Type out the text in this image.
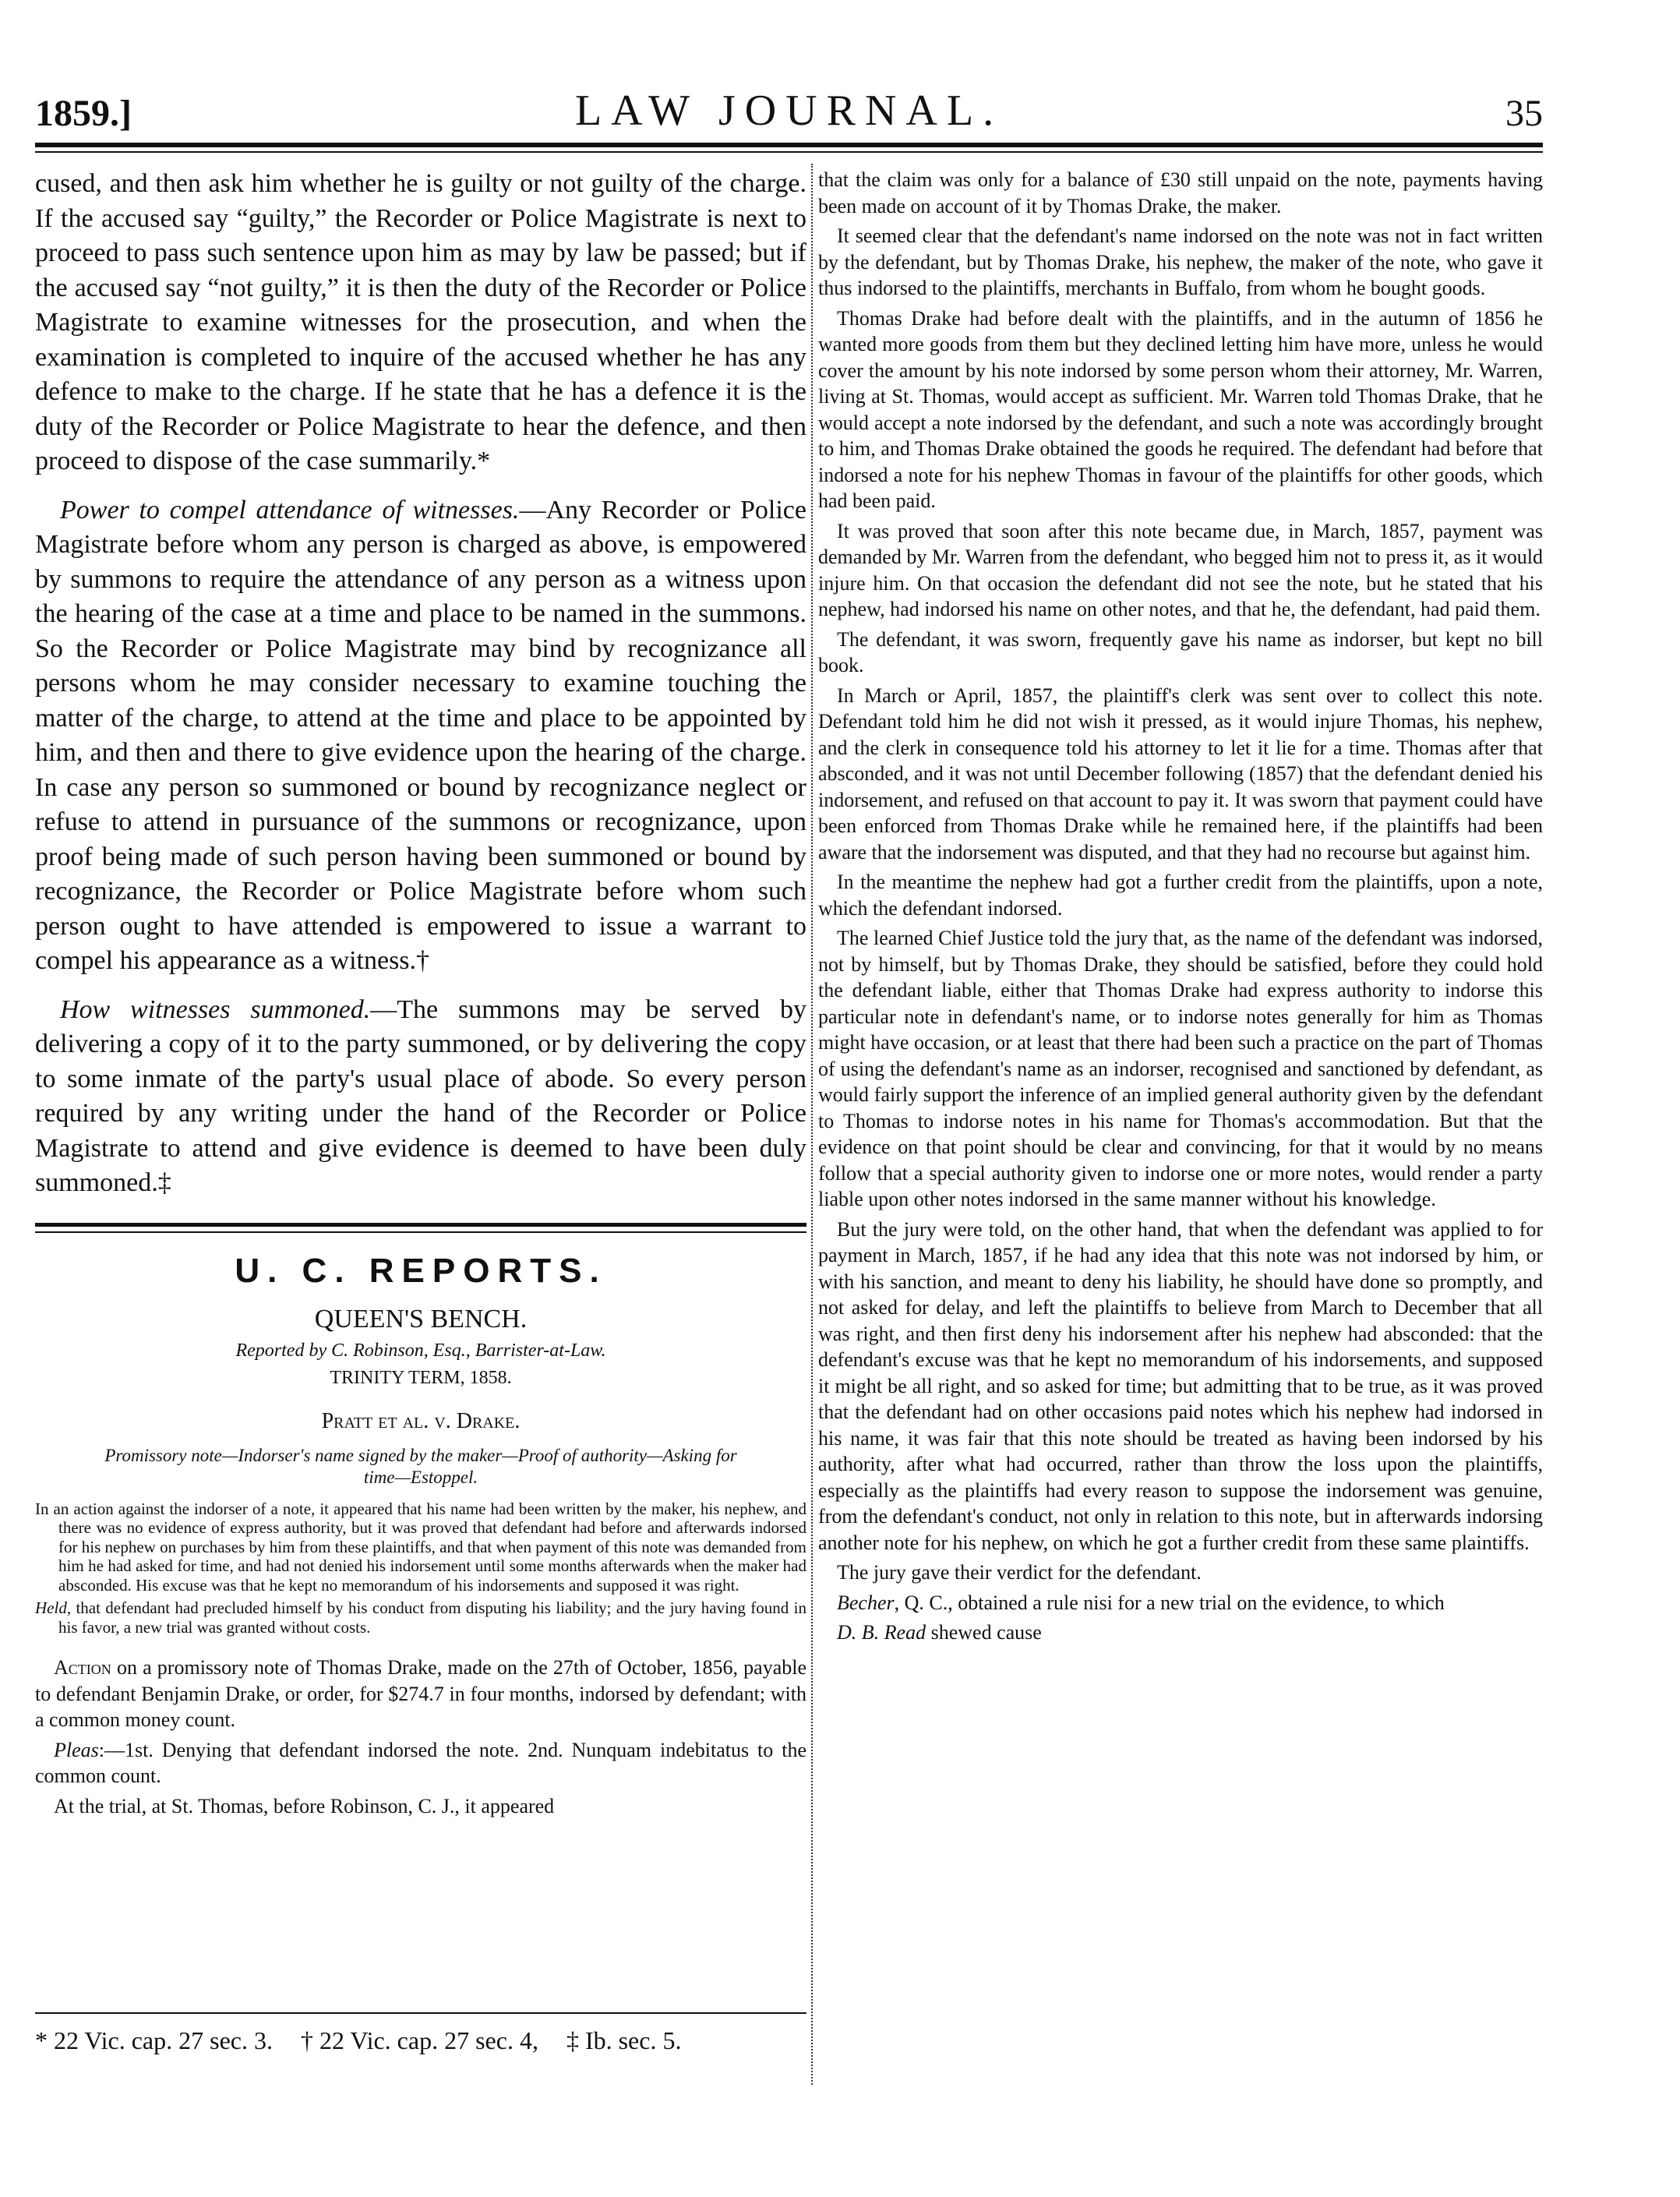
1859.]	LAW JOURNAL.	35

cused, and then ask him whether he is guilty or not guilty of the charge. If the accused say “guilty,” the Recorder or Police Magistrate is next to proceed to pass such sentence upon him as may by law be passed; but if the accused say “not guilty,” it is then the duty of the Recorder or Police Magistrate to examine witnesses for the prosecution, and when the examination is completed to inquire of the accused whether he has any defence to make to the charge. If he state that he has a defence it is the duty of the Recorder or Police Magistrate to hear the defence, and then proceed to dispose of the case summarily.*

Power to compel attendance of witnesses.—Any Recorder or Police Magistrate before whom any person is charged as above, is empowered by summons to require the attendance of any person as a witness upon the hearing of the case at a time and place to be named in the summons. So the Recorder or Police Magistrate may bind by recognizance all persons whom he may consider necessary to examine touching the matter of the charge, to attend at the time and place to be appointed by him, and then and there to give evidence upon the hearing of the charge. In case any person so summoned or bound by recognizance neglect or refuse to attend in pursuance of the summons or recognizance, upon proof being made of such person having been summoned or bound by recognizance, the Recorder or Police Magistrate before whom such person ought to have attended is empowered to issue a warrant to compel his appearance as a witness.†

How witnesses summoned.—The summons may be served by delivering a copy of it to the party summoned, or by delivering the copy to some inmate of the party's usual place of abode. So every person required by any writing under the hand of the Recorder or Police Magistrate to attend and give evidence is deemed to have been duly summoned.‡

U. C. REPORTS.
QUEEN'S BENCH.
Reported by C. Robinson, Esq., Barrister-at-Law.
TRINITY TERM, 1858.
Pratt et al. v. Drake.
Promissory note—Indorser's name signed by the maker—Proof of authority—Asking for time—Estoppel.

In an action against the indorser of a note, it appeared that his name had been written by the maker, his nephew, and there was no evidence of express authority, but it was proved that defendant had before and afterwards indorsed for his nephew on purchases by him from these plaintiffs, and that when payment of this note was demanded from him he had asked for time, and had not denied his indorsement until some months afterwards when the maker had absconded. His excuse was that he kept no memorandum of his indorsements and supposed it was right.

Held, that defendant had precluded himself by his conduct from disputing his liability; and the jury having found in his favor, a new trial was granted without costs.

Action on a promissory note of Thomas Drake, made on the 27th of October, 1856, payable to defendant Benjamin Drake, or order, for $274.7 in four months, indorsed by defendant; with a common money count.

Pleas:—1st. Denying that defendant indorsed the note. 2nd. Nunquam indebitatus to the common count.

At the trial, at St. Thomas, before Robinson, C. J., it appeared

that the claim was only for a balance of £30 still unpaid on the note, payments having been made on account of it by Thomas Drake, the maker.

It seemed clear that the defendant's name indorsed on the note was not in fact written by the defendant, but by Thomas Drake, his nephew, the maker of the note, who gave it thus indorsed to the plaintiffs, merchants in Buffalo, from whom he bought goods.

Thomas Drake had before dealt with the plaintiffs, and in the autumn of 1856 he wanted more goods from them but they declined letting him have more, unless he would cover the amount by his note indorsed by some person whom their attorney, Mr. Warren, living at St. Thomas, would accept as sufficient. Mr. Warren told Thomas Drake, that he would accept a note indorsed by the defendant, and such a note was accordingly brought to him, and Thomas Drake obtained the goods he required. The defendant had before that indorsed a note for his nephew Thomas in favour of the plaintiffs for other goods, which had been paid.

It was proved that soon after this note became due, in March, 1857, payment was demanded by Mr. Warren from the defendant, who begged him not to press it, as it would injure him. On that occasion the defendant did not see the note, but he stated that his nephew, had indorsed his name on other notes, and that he, the defendant, had paid them.

The defendant, it was sworn, frequently gave his name as indorser, but kept no bill book.

In March or April, 1857, the plaintiff's clerk was sent over to collect this note. Defendant told him he did not wish it pressed, as it would injure Thomas, his nephew, and the clerk in consequence told his attorney to let it lie for a time. Thomas after that absconded, and it was not until December following (1857) that the defendant denied his indorsement, and refused on that account to pay it. It was sworn that payment could have been enforced from Thomas Drake while he remained here, if the plaintiffs had been aware that the indorsement was disputed, and that they had no recourse but against him.

In the meantime the nephew had got a further credit from the plaintiffs, upon a note, which the defendant indorsed.

The learned Chief Justice told the jury that, as the name of the defendant was indorsed, not by himself, but by Thomas Drake, they should be satisfied, before they could hold the defendant liable, either that Thomas Drake had express authority to indorse this particular note in defendant's name, or to indorse notes generally for him as Thomas might have occasion, or at least that there had been such a practice on the part of Thomas of using the defendant's name as an indorser, recognised and sanctioned by defendant, as would fairly support the inference of an implied general authority given by the defendant to Thomas to indorse notes in his name for Thomas's accommodation. But that the evidence on that point should be clear and convincing, for that it would by no means follow that a special authority given to indorse one or more notes, would render a party liable upon other notes indorsed in the same manner without his knowledge.

But the jury were told, on the other hand, that when the defendant was applied to for payment in March, 1857, if he had any idea that this note was not indorsed by him, or with his sanction, and meant to deny his liability, he should have done so promptly, and not asked for delay, and left the plaintiffs to believe from March to December that all was right, and then first deny his indorsement after his nephew had absconded: that the defendant's excuse was that he kept no memorandum of his indorsements, and supposed it might be all right, and so asked for time; but admitting that to be true, as it was proved that the defendant had on other occasions paid notes which his nephew had indorsed in his name, it was fair that this note should be treated as having been indorsed by his authority, after what had occurred, rather than throw the loss upon the plaintiffs, especially as the plaintiffs had every reason to suppose the indorsement was genuine, from the defendant's conduct, not only in relation to this note, but in afterwards indorsing another note for his nephew, on which he got a further credit from these same plaintiffs.

The jury gave their verdict for the defendant.

Becher, Q. C., obtained a rule nisi for a new trial on the evidence, to which

D. B. Read shewed cause

* 22 Vic. cap. 27 sec. 3. † 22 Vic. cap. 27 sec. 4, ‡ Ib. sec. 5.
